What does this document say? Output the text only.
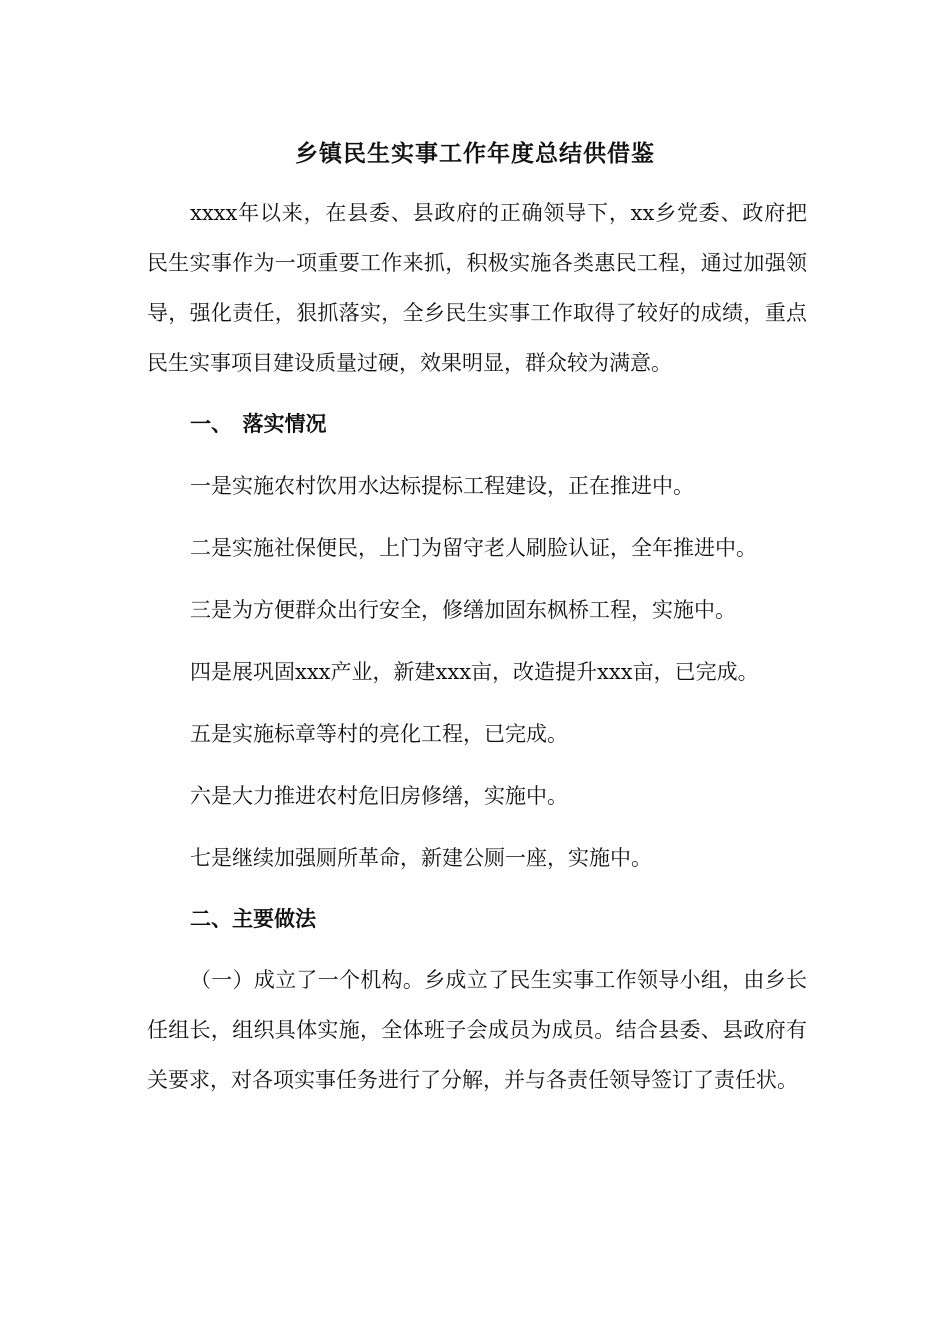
乡镇民生实事工作年度总结供借鉴
xxxx年以来，在县委、县政府的正确领导下，xx乡党委、政府把民生实事作为一项重要工作来抓，积极实施各类惠民工程，通过加强领导，强化责任，狠抓落实，全乡民生实事工作取得了较好的成绩，重点民生实事项目建设质量过硬，效果明显，群众较为满意。
一、　落实情况
一是实施农村饮用水达标提标工程建设，正在推进中。
二是实施社保便民，上门为留守老人刷脸认证，全年推进中。
三是为方便群众出行安全，修缮加固东枫桥工程，实施中。
四是展巩固xxx产业，新建xxx亩，改造提升xxx亩，已完成。
五是实施标章等村的亮化工程，已完成。
六是大力推进农村危旧房修缮，实施中。
七是继续加强厕所革命，新建公厕一座，实施中。
二、主要做法
（一）成立了一个机构。乡成立了民生实事工作领导小组，由乡长任组长，组织具体实施，全体班子会成员为成员。结合县委、县政府有关要求，对各项实事任务进行了分解，并与各责任领导签订了责任状。
